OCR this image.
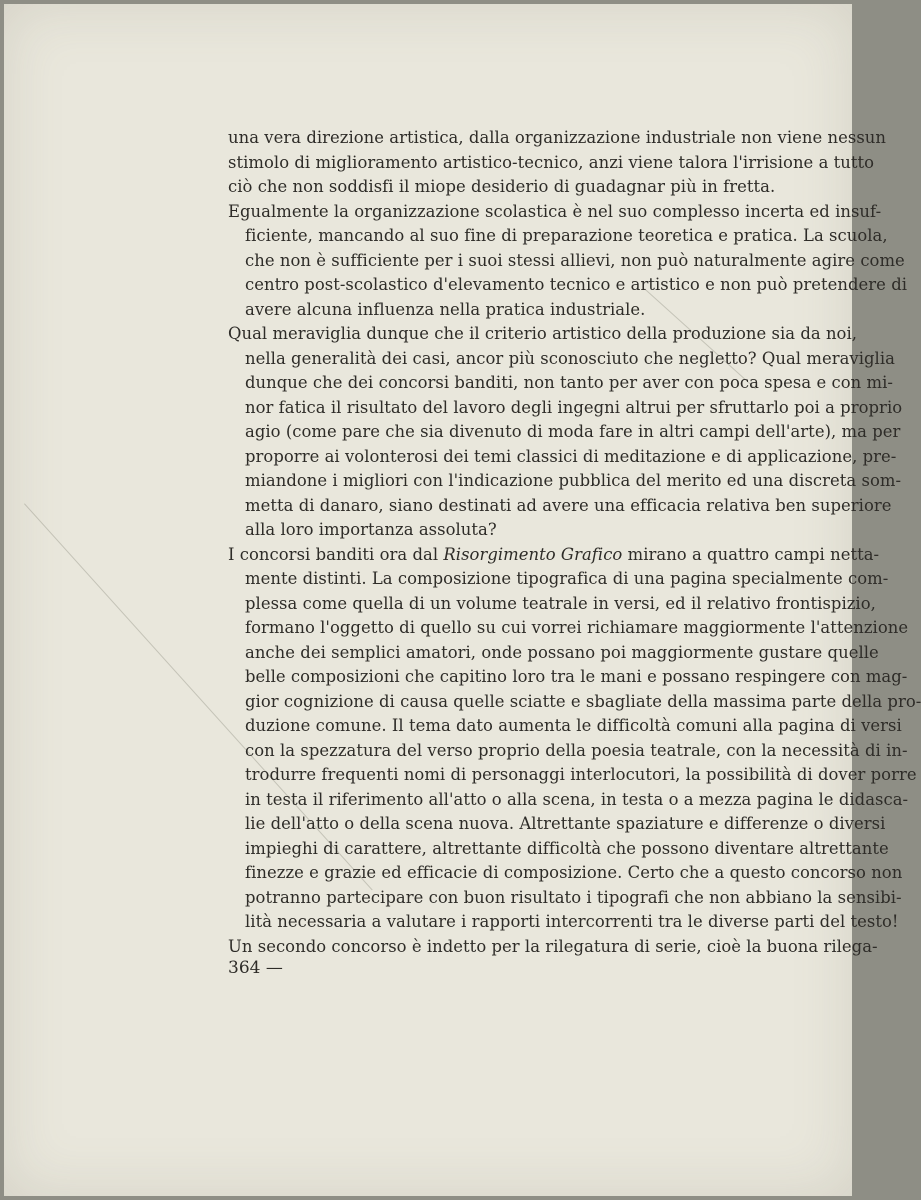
una vera direzione artistica, dalla organizzazione industriale non viene nessun
stimolo di miglioramento artistico-tecnico, anzi viene talora l'irrisione a tutto
ciò che non soddisfi il miope desiderio di guadagnar più in fretta.
Egualmente la organizzazione scolastica è nel suo complesso incerta ed insuf-
ficiente, mancando al suo fine di preparazione teoretica e pratica. La scuola,
che non è sufficiente per i suoi stessi allievi, non può naturalmente agire come
centro post-scolastico d'elevamento tecnico e artistico e non può pretendere di
avere alcuna influenza nella pratica industriale.
Qual meraviglia dunque che il criterio artistico della produzione sia da noi,
nella generalità dei casi, ancor più sconosciuto che negletto? Qual meraviglia
dunque che dei concorsi banditi, non tanto per aver con poca spesa e con mi-
nor fatica il risultato del lavoro degli ingegni altrui per sfruttarlo poi a proprio
agio (come pare che sia divenuto di moda fare in altri campi dell'arte), ma per
proporre ai volonterosi dei temi classici di meditazione e di applicazione, pre-
miandone i migliori con l'indicazione pubblica del merito ed una discreta som-
metta di danaro, siano destinati ad avere una efficacia relativa ben superiore
alla loro importanza assoluta?
I concorsi banditi ora dal Risorgimento Grafico mirano a quattro campi netta-
mente distinti. La composizione tipografica di una pagina specialmente com-
plessa come quella di un volume teatrale in versi, ed il relativo frontispizio,
formano l'oggetto di quello su cui vorrei richiamare maggiormente l'attenzione
anche dei semplici amatori, onde possano poi maggiormente gustare quelle
belle composizioni che capitino loro tra le mani e possano respingere con mag-
gior cognizione di causa quelle sciatte e sbagliate della massima parte della pro-
duzione comune. Il tema dato aumenta le difficoltà comuni alla pagina di versi
con la spezzatura del verso proprio della poesia teatrale, con la necessità di in-
trodurre frequenti nomi di personaggi interlocutori, la possibilità di dover porre
in testa il riferimento all'atto o alla scena, in testa o a mezza pagina le didasca-
lie dell'atto o della scena nuova. Altrettante spaziature e differenze o diversi
impieghi di carattere, altrettante difficoltà che possono diventare altrettante
finezze e grazie ed efficacie di composizione. Certo che a questo concorso non
potranno partecipare con buon risultato i tipografi che non abbiano la sensibi-
lità necessaria a valutare i rapporti intercorrenti tra le diverse parti del testo!
Un secondo concorso è indetto per la rilegatura di serie, cioè la buona rilega-
364 —
